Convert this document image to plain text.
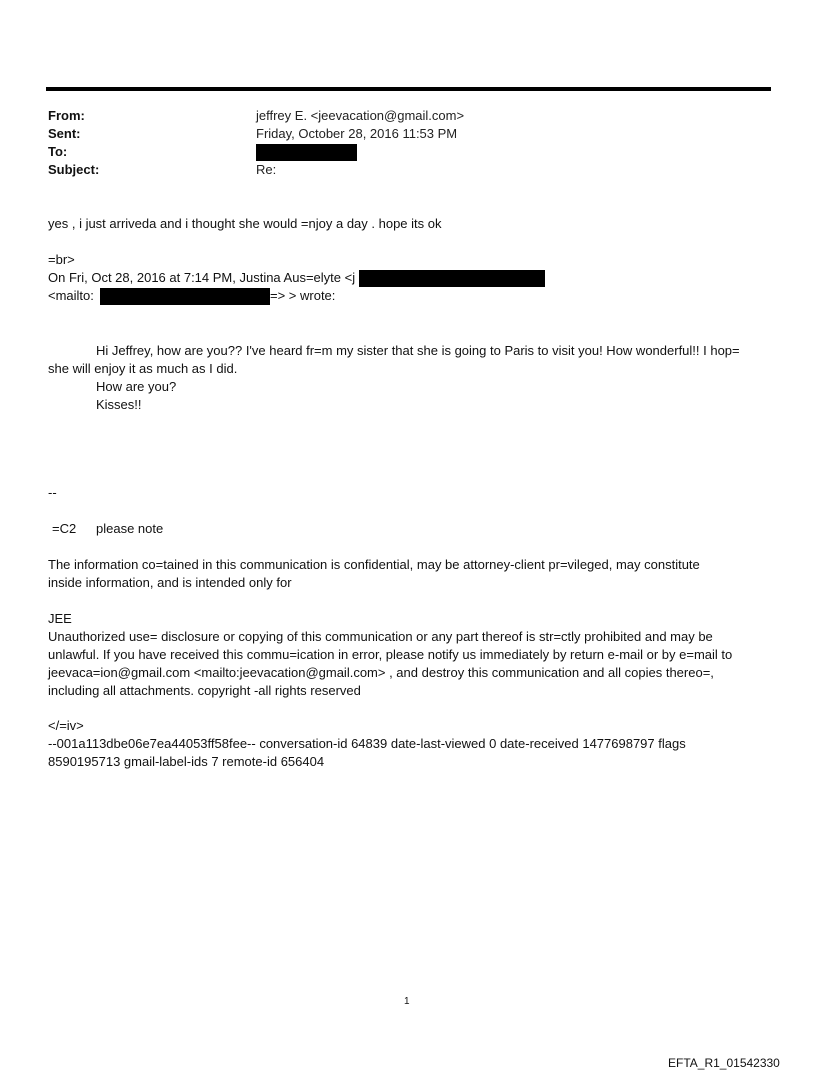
From:	jeffrey E. <jeevacation@gmail.com>
Sent:	Friday, October 28, 2016 11:53 PM
To:
Subject:	Re:
yes , i just arriveda and i thought she would =njoy a day . hope its ok
=br>
On Fri, Oct 28, 2016 at 7:14 PM, Justina Aus=elyte <j
<mailto:	=> > wrote:
Hi Jeffrey, how are you?? I've heard fr=m my sister that she is going to Paris to visit you! How wonderful!! I hop=
she will enjoy it as much as I did.
How are you?
Kisses!!
--
=C2 please note
The information co=tained in this communication is confidential, may be attorney-client pr=vileged, may constitute
inside information, and is intended only for
JEE
Unauthorized use= disclosure or copying of this communication or any part thereof is str=ctly prohibited and may be
unlawful. If you have received this commu=ication in error, please notify us immediately by return e-mail or by e=mail to
jeevaca=ion@gmail.com <mailto:jeevacation@gmail.com> , and destroy this communication and all copies thereo=,
including all attachments. copyright -all rights reserved
</=iv>
--001a113dbe06e7ea44053ff58fee-- conversation-id 64839 date-last-viewed 0 date-received 1477698797 flags
8590195713 gmail-label-ids 7 remote-id 656404
1
EFTA_R1_01542330
